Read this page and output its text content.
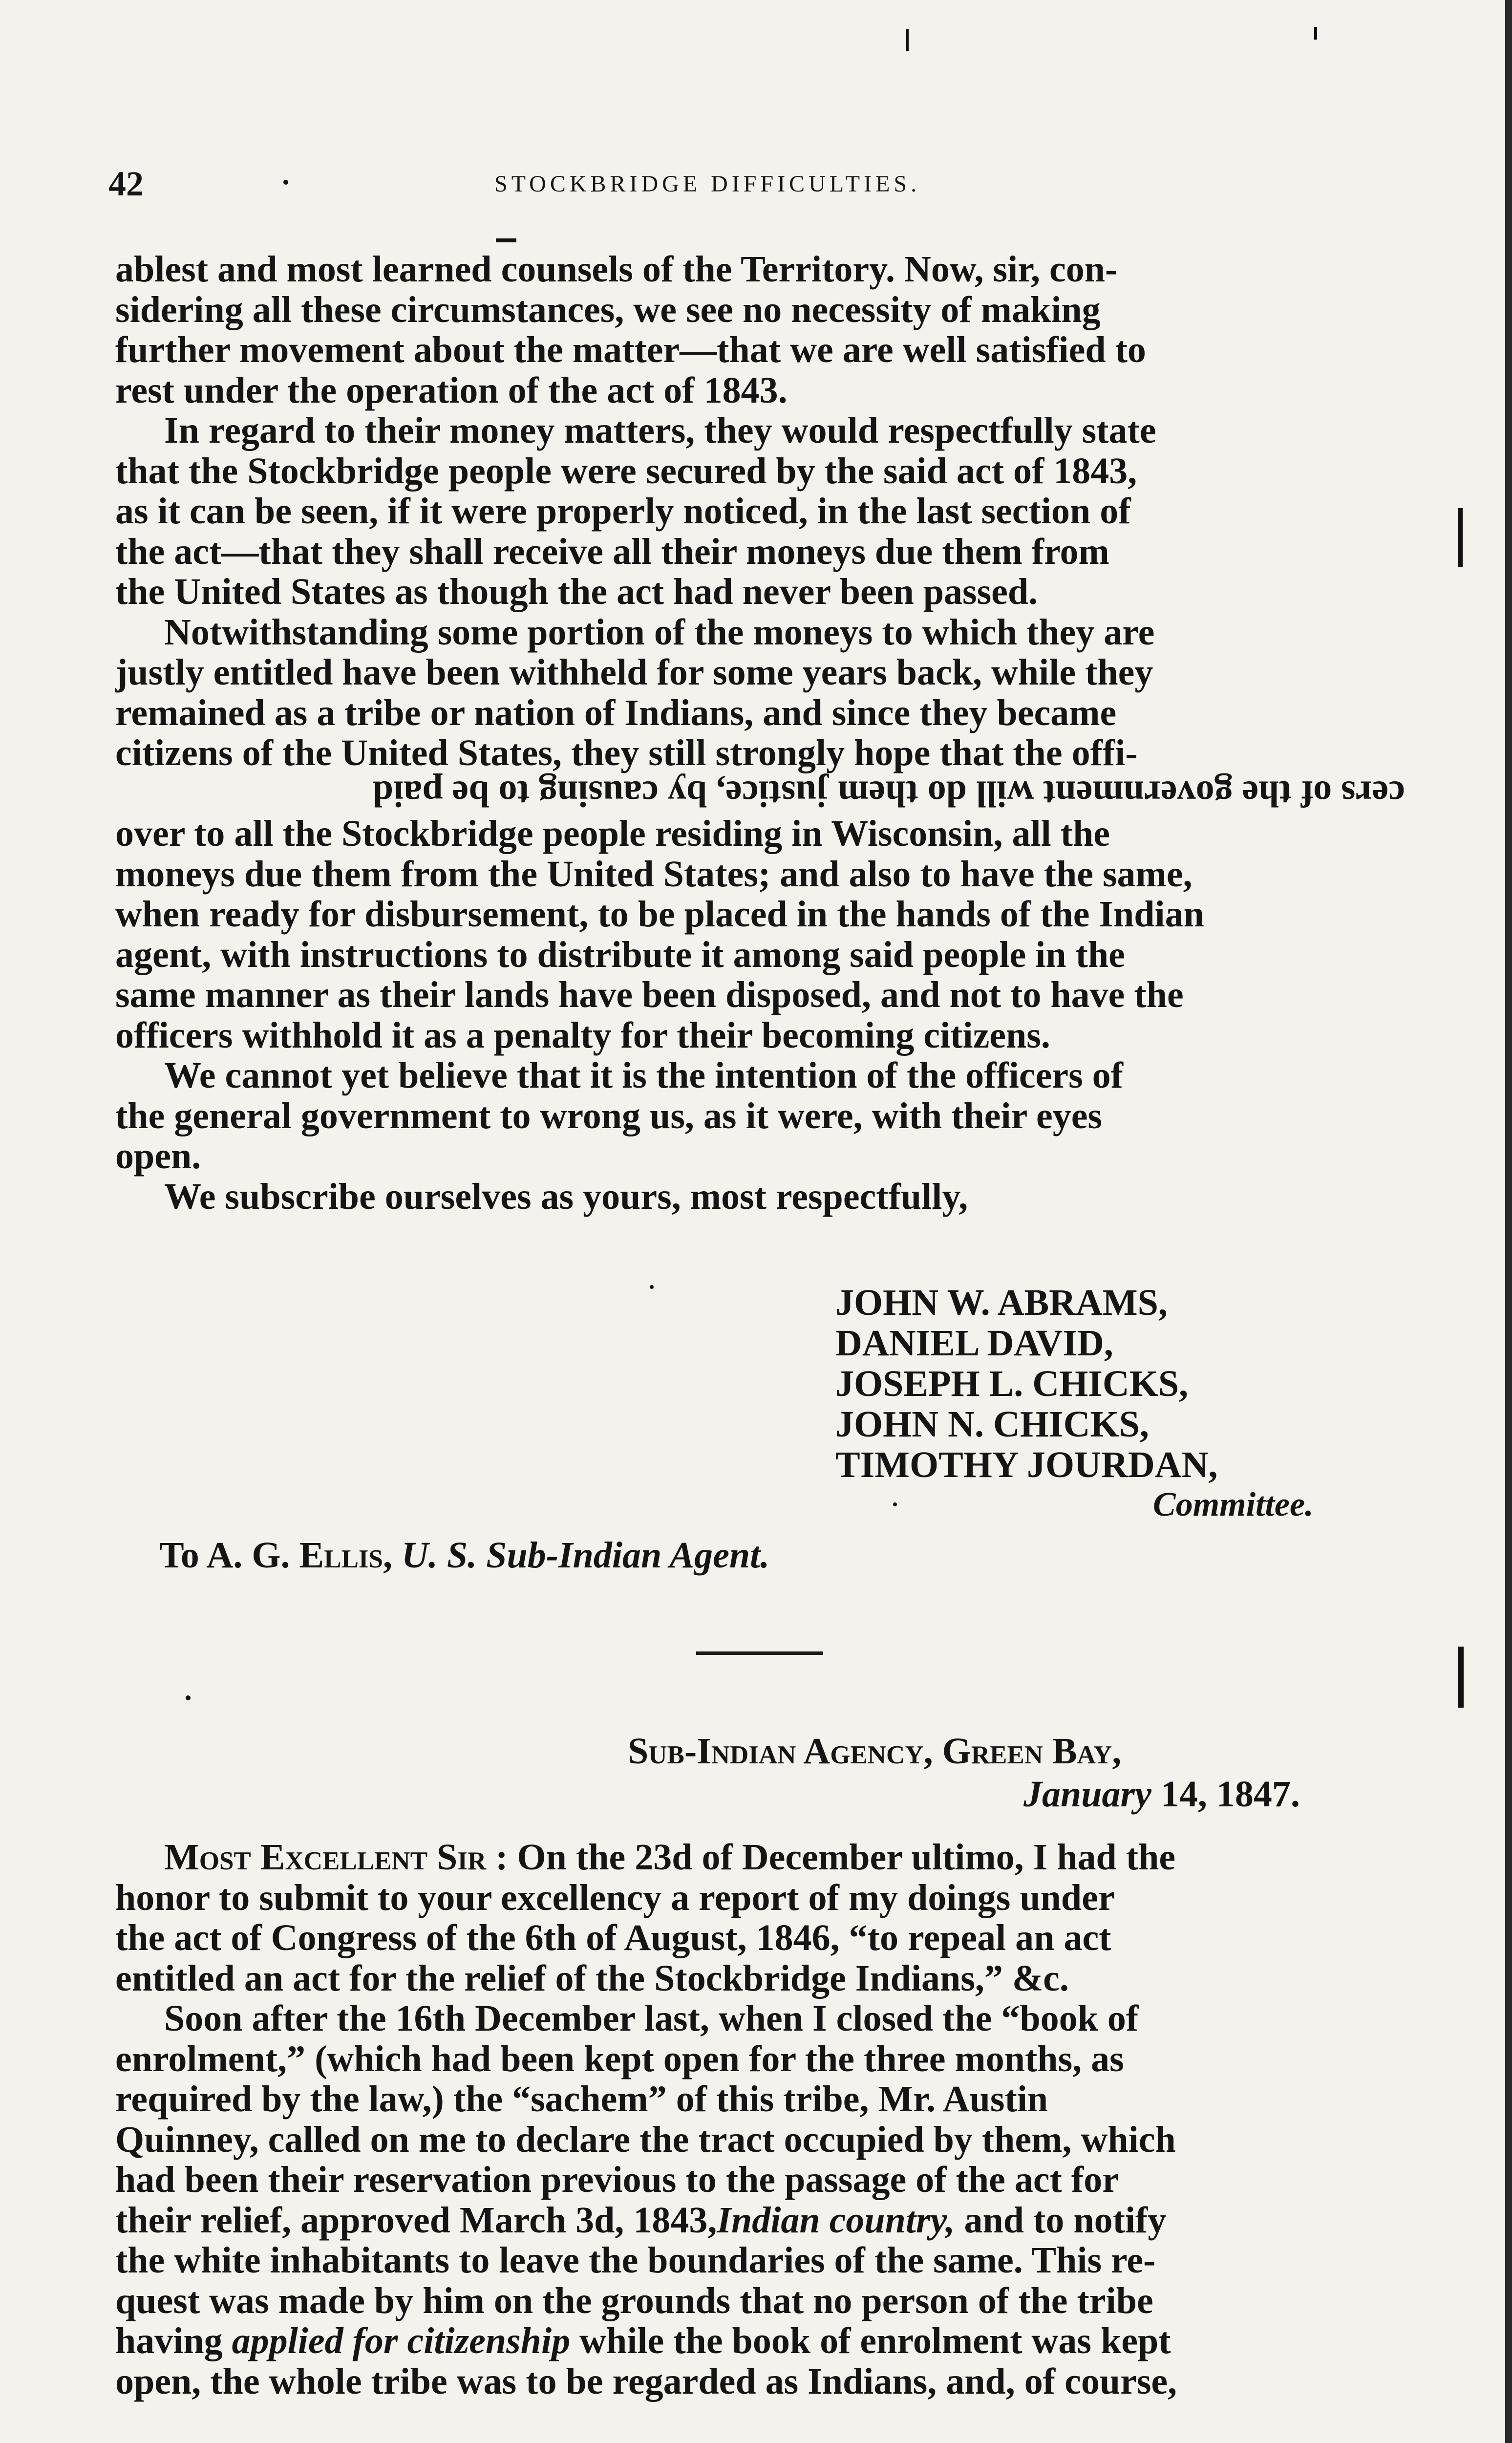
42	STOCKBRIDGE DIFFICULTIES.

ablest and most learned counsels of the Territory. Now, sir, con-
sidering all these circumstances, we see no necessity of making
further movement about the matter—that we are well satisfied to
rest under the operation of the act of 1843.

In regard to their money matters, they would respectfully state
that the Stockbridge people were secured by the said act of 1843,
as it can be seen, if it were properly noticed, in the last section of
the act—that they shall receive all their moneys due them from
the United States as though the act had never been passed.

Notwithstanding some portion of the moneys to which they are
justly entitled have been withheld for some years back, while they
remained as a tribe or nation of Indians, and since they became
citizens of the United States, they still strongly hope that the offi-
cers of the government will do them justice, by causing to be paid
over to all the Stockbridge people residing in Wisconsin, all the
moneys due them from the United States; and also to have the same,
when ready for disbursement, to be placed in the hands of the Indian
agent, with instructions to distribute it among said people in the
same manner as their lands have been disposed, and not to have the
officers withhold it as a penalty for their becoming citizens.

We cannot yet believe that it is the intention of the officers of
the general government to wrong us, as it were, with their eyes
open.

We subscribe ourselves as yours, most respectfully,

JOHN W. ABRAMS,
DANIEL DAVID,
JOSEPH L. CHICKS,
JOHN N. CHICKS,
TIMOTHY JOURDAN,
Committee.
To A. G. Ellis, U. S. Sub-Indian Agent.
Sub-Indian Agency, Green Bay,
January 14, 1847.

Most Excellent Sir : On the 23d of December ultimo, I had the
honor to submit to your excellency a report of my doings under
the act of Congress of the 6th of August, 1846, “to repeal an act
entitled an act for the relief of the Stockbridge Indians,” &c.

Soon after the 16th December last, when I closed the “book of
enrolment,” (which had been kept open for the three months, as
required by the law,) the “sachem” of this tribe, Mr. Austin
Quinney, called on me to declare the tract occupied by them, which
had been their reservation previous to the passage of the act for
their relief, approved March 3d, 1843,Indian country, and to notify
the white inhabitants to leave the boundaries of the same. This re-
quest was made by him on the grounds that no person of the tribe
having applied for citizenship while the book of enrolment was kept
open, the whole tribe was to be regarded as Indians, and, of course,
